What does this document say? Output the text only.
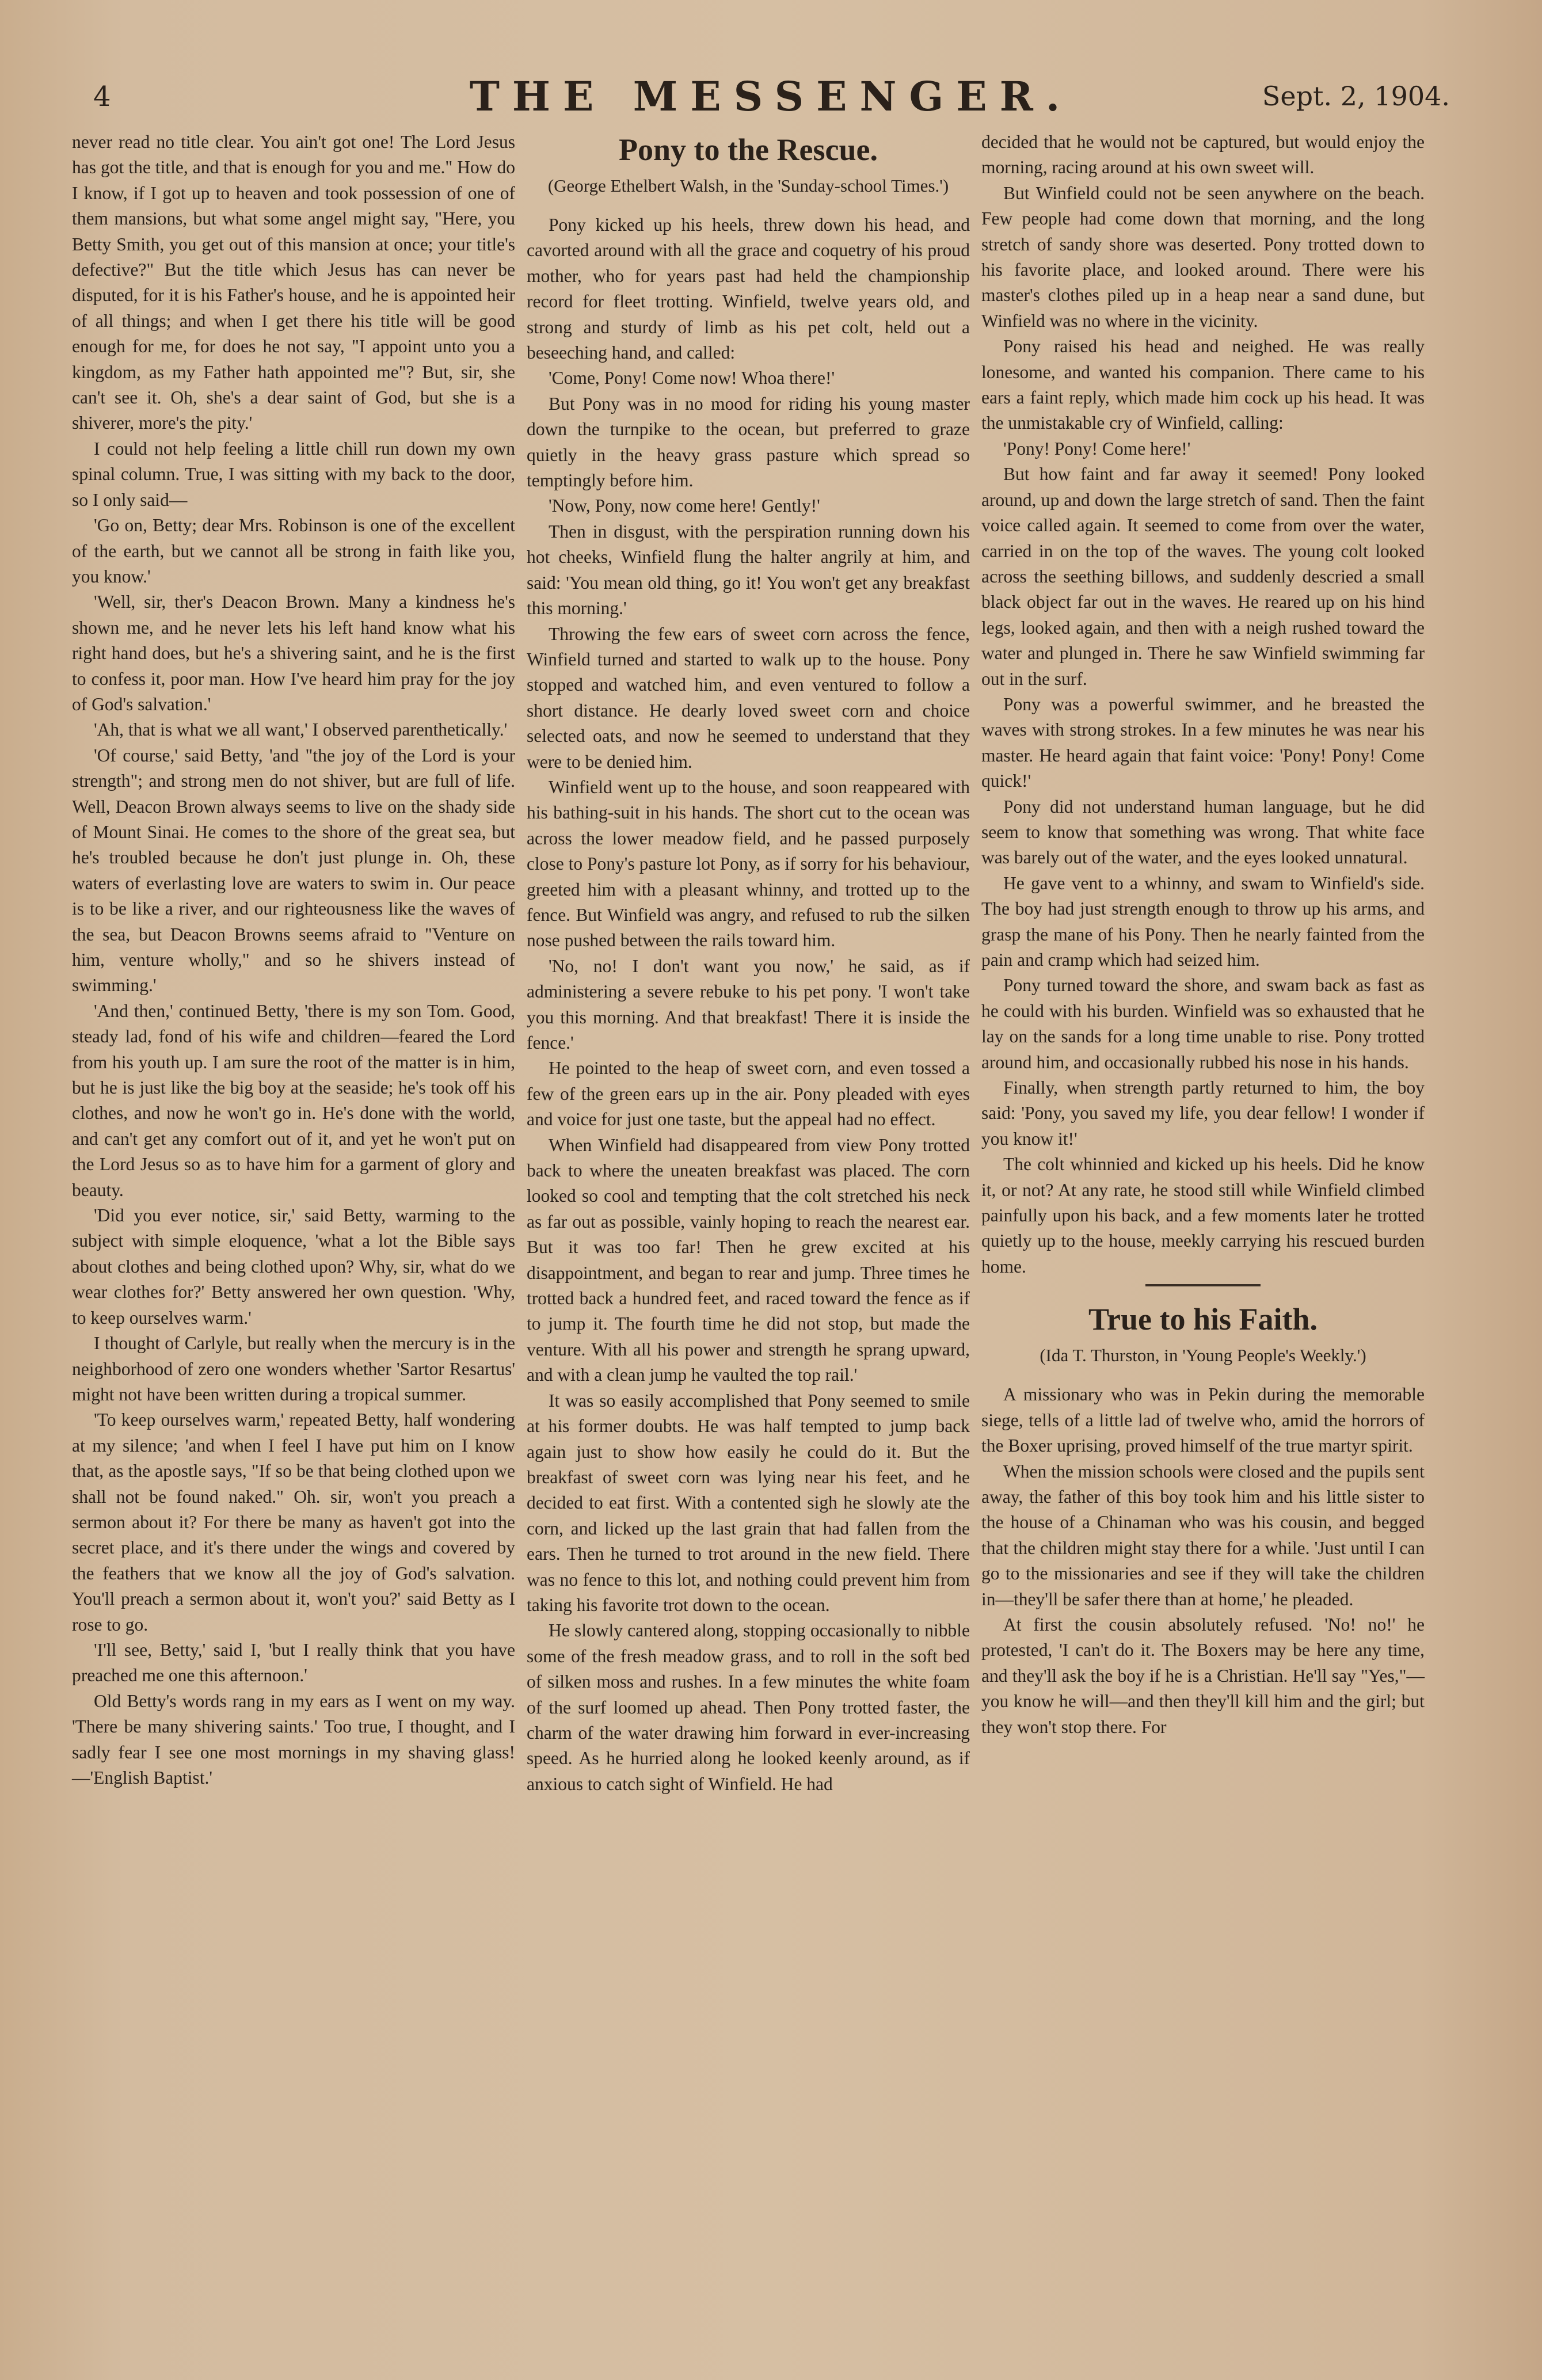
4	THE MESSENGER.	Sept. 2, 1904.

never read no title clear. You ain't got one! The Lord Jesus has got the title, and that is enough for you and me." How do I know, if I got up to heaven and took possession of one of them mansions, but what some angel might say, "Here, you Betty Smith, you get out of this mansion at once; your title's defective?" But the title which Jesus has can never be disputed, for it is his Father's house, and he is appointed heir of all things; and when I get there his title will be good enough for me, for does he not say, "I appoint unto you a kingdom, as my Father hath appointed me"? But, sir, she can't see it. Oh, she's a dear saint of God, but she is a shiverer, more's the pity.'

I could not help feeling a little chill run down my own spinal column. True, I was sitting with my back to the door, so I only said—

'Go on, Betty; dear Mrs. Robinson is one of the excellent of the earth, but we cannot all be strong in faith like you, you know.'

'Well, sir, ther's Deacon Brown. Many a kindness he's shown me, and he never lets his left hand know what his right hand does, but he's a shivering saint, and he is the first to confess it, poor man. How I've heard him pray for the joy of God's salvation.'

'Ah, that is what we all want,' I observed parenthetically.'

'Of course,' said Betty, 'and "the joy of the Lord is your strength"; and strong men do not shiver, but are full of life. Well, Deacon Brown always seems to live on the shady side of Mount Sinai. He comes to the shore of the great sea, but he's troubled because he don't just plunge in. Oh, these waters of everlasting love are waters to swim in. Our peace is to be like a river, and our righteousness like the waves of the sea, but Deacon Browns seems afraid to "Venture on him, venture wholly," and so he shivers instead of swimming.'

'And then,' continued Betty, 'there is my son Tom. Good, steady lad, fond of his wife and children—feared the Lord from his youth up. I am sure the root of the matter is in him, but he is just like the big boy at the seaside; he's took off his clothes, and now he won't go in. He's done with the world, and can't get any comfort out of it, and yet he won't put on the Lord Jesus so as to have him for a garment of glory and beauty.

'Did you ever notice, sir,' said Betty, warming to the subject with simple eloquence, 'what a lot the Bible says about clothes and being clothed upon? Why, sir, what do we wear clothes for?' Betty answered her own question. 'Why, to keep ourselves warm.'

I thought of Carlyle, but really when the mercury is in the neighborhood of zero one wonders whether 'Sartor Resartus' might not have been written during a tropical summer.

'To keep ourselves warm,' repeated Betty, half wondering at my silence; 'and when I feel I have put him on I know that, as the apostle says, "If so be that being clothed upon we shall not be found naked." Oh. sir, won't you preach a sermon about it? For there be many as haven't got into the secret place, and it's there under the wings and covered by the feathers that we know all the joy of God's salvation. You'll preach a sermon about it, won't you?' said Betty as I rose to go.

'I'll see, Betty,' said I, 'but I really think that you have preached me one this afternoon.'

Old Betty's words rang in my ears as I went on my way. 'There be many shivering saints.' Too true, I thought, and I sadly fear I see one most mornings in my shaving glass!—'English Baptist.'

Pony to the Rescue.
(George Ethelbert Walsh, in the 'Sunday-school Times.')

Pony kicked up his heels, threw down his head, and cavorted around with all the grace and coquetry of his proud mother, who for years past had held the championship record for fleet trotting. Winfield, twelve years old, and strong and sturdy of limb as his pet colt, held out a beseeching hand, and called:

'Come, Pony! Come now! Whoa there!'

But Pony was in no mood for riding his young master down the turnpike to the ocean, but preferred to graze quietly in the heavy grass pasture which spread so temptingly before him.

'Now, Pony, now come here! Gently!'

Then in disgust, with the perspiration running down his hot cheeks, Winfield flung the halter angrily at him, and said: 'You mean old thing, go it! You won't get any breakfast this morning.'

Throwing the few ears of sweet corn across the fence, Winfield turned and started to walk up to the house. Pony stopped and watched him, and even ventured to follow a short distance. He dearly loved sweet corn and choice selected oats, and now he seemed to understand that they were to be denied him.

Winfield went up to the house, and soon reappeared with his bathing-suit in his hands. The short cut to the ocean was across the lower meadow field, and he passed purposely close to Pony's pasture lot Pony, as if sorry for his behaviour, greeted him with a pleasant whinny, and trotted up to the fence. But Winfield was angry, and refused to rub the silken nose pushed between the rails toward him.

'No, no! I don't want you now,' he said, as if administering a severe rebuke to his pet pony. 'I won't take you this morning. And that breakfast! There it is inside the fence.'

He pointed to the heap of sweet corn, and even tossed a few of the green ears up in the air. Pony pleaded with eyes and voice for just one taste, but the appeal had no effect.

When Winfield had disappeared from view Pony trotted back to where the uneaten breakfast was placed. The corn looked so cool and tempting that the colt stretched his neck as far out as possible, vainly hoping to reach the nearest ear. But it was too far! Then he grew excited at his disappointment, and began to rear and jump. Three times he trotted back a hundred feet, and raced toward the fence as if to jump it. The fourth time he did not stop, but made the venture. With all his power and strength he sprang upward, and with a clean jump he vaulted the top rail.'

It was so easily accomplished that Pony seemed to smile at his former doubts. He was half tempted to jump back again just to show how easily he could do it. But the breakfast of sweet corn was lying near his feet, and he decided to eat first. With a contented sigh he slowly ate the corn, and licked up the last grain that had fallen from the ears. Then he turned to trot around in the new field. There was no fence to this lot, and nothing could prevent him from taking his favorite trot down to the ocean.

He slowly cantered along, stopping occasionally to nibble some of the fresh meadow grass, and to roll in the soft bed of silken moss and rushes. In a few minutes the white foam of the surf loomed up ahead. Then Pony trotted faster, the charm of the water drawing him forward in ever-increasing speed. As he hurried along he looked keenly around, as if anxious to catch sight of Winfield. He had

decided that he would not be captured, but would enjoy the morning, racing around at his own sweet will.

But Winfield could not be seen anywhere on the beach. Few people had come down that morning, and the long stretch of sandy shore was deserted. Pony trotted down to his favorite place, and looked around. There were his master's clothes piled up in a heap near a sand dune, but Winfield was no where in the vicinity.

Pony raised his head and neighed. He was really lonesome, and wanted his companion. There came to his ears a faint reply, which made him cock up his head. It was the unmistakable cry of Winfield, calling:

'Pony! Pony! Come here!'

But how faint and far away it seemed! Pony looked around, up and down the large stretch of sand. Then the faint voice called again. It seemed to come from over the water, carried in on the top of the waves. The young colt looked across the seething billows, and suddenly descried a small black object far out in the waves. He reared up on his hind legs, looked again, and then with a neigh rushed toward the water and plunged in. There he saw Winfield swimming far out in the surf.

Pony was a powerful swimmer, and he breasted the waves with strong strokes. In a few minutes he was near his master. He heard again that faint voice: 'Pony! Pony! Come quick!'

Pony did not understand human language, but he did seem to know that something was wrong. That white face was barely out of the water, and the eyes looked unnatural.

He gave vent to a whinny, and swam to Winfield's side. The boy had just strength enough to throw up his arms, and grasp the mane of his Pony. Then he nearly fainted from the pain and cramp which had seized him.

Pony turned toward the shore, and swam back as fast as he could with his burden. Winfield was so exhausted that he lay on the sands for a long time unable to rise. Pony trotted around him, and occasionally rubbed his nose in his hands.

Finally, when strength partly returned to him, the boy said: 'Pony, you saved my life, you dear fellow! I wonder if you know it!'

The colt whinnied and kicked up his heels. Did he know it, or not? At any rate, he stood still while Winfield climbed painfully upon his back, and a few moments later he trotted quietly up to the house, meekly carrying his rescued burden home.

True to his Faith.
(Ida T. Thurston, in 'Young People's Weekly.')

A missionary who was in Pekin during the memorable siege, tells of a little lad of twelve who, amid the horrors of the Boxer uprising, proved himself of the true martyr spirit.

When the mission schools were closed and the pupils sent away, the father of this boy took him and his little sister to the house of a Chinaman who was his cousin, and begged that the children might stay there for a while. 'Just until I can go to the missionaries and see if they will take the children in—they'll be safer there than at home,' he pleaded.

At first the cousin absolutely refused. 'No! no!' he protested, 'I can't do it. The Boxers may be here any time, and they'll ask the boy if he is a Christian. He'll say "Yes,"— you know he will—and then they'll kill him and the girl; but they won't stop there. For
